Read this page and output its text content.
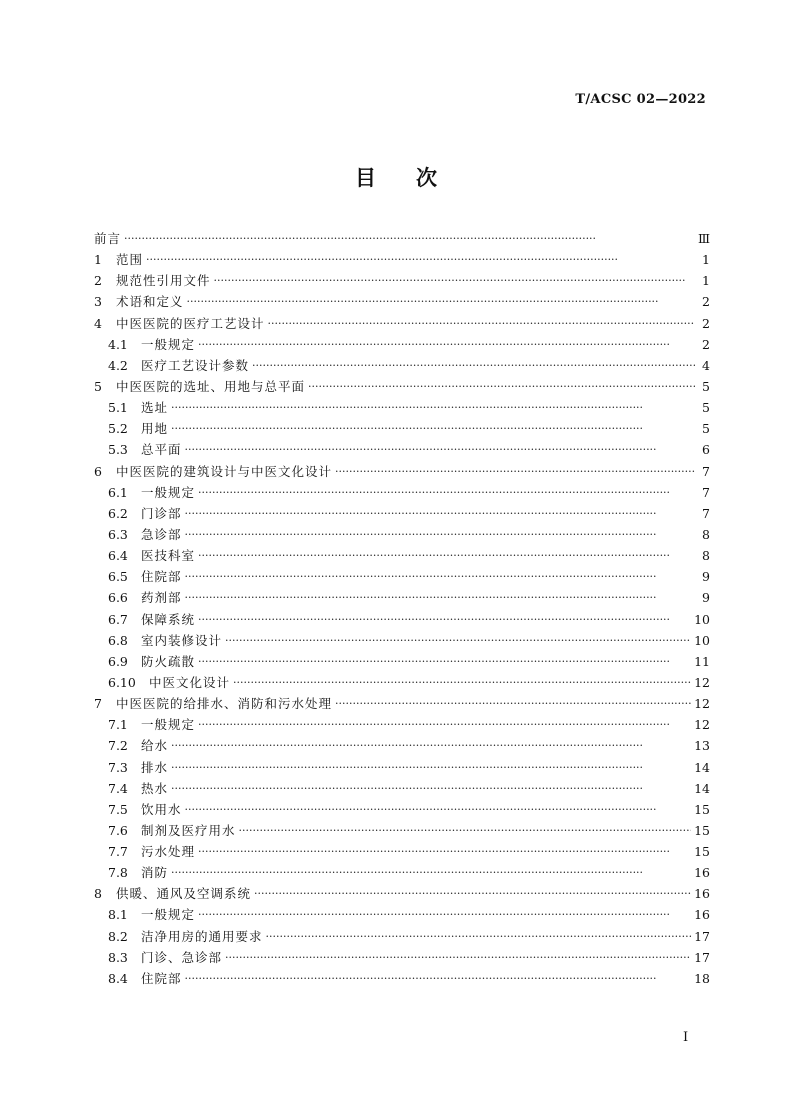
T/ACSC 02—2022
目 次
前言 ·····	Ⅲ
1	范围 ·····	1
2	规范性引用文件 ·····	1
3	术语和定义 ·····	2
4	中医医院的医疗工艺设计 ·····	2
4.1	一般规定 ·····	2
4.2	医疗工艺设计参数 ·····	4
5	中医医院的选址、用地与总平面 ·····	5
5.1	选址 ·····	5
5.2	用地 ·····	5
5.3	总平面 ·····	6
6	中医医院的建筑设计与中医文化设计 ·····	7
6.1	一般规定 ·····	7
6.2	门诊部 ·····	7
6.3	急诊部 ·····	8
6.4	医技科室 ·····	8
6.5	住院部 ·····	9
6.6	药剂部 ·····	9
6.7	保障系统 ·····	10
6.8	室内装修设计 ·····	10
6.9	防火疏散 ·····	11
6.10	中医文化设计 ·····	12
7	中医医院的给排水、消防和污水处理 ·····	12
7.1	一般规定 ·····	12
7.2	给水 ·····	13
7.3	排水 ·····	14
7.4	热水 ·····	14
7.5	饮用水 ·····	15
7.6	制剂及医疗用水 ·····	15
7.7	污水处理 ·····	15
7.8	消防 ·····	16
8	供暖、通风及空调系统 ·····	16
8.1	一般规定 ·····	16
8.2	洁净用房的通用要求 ·····	17
8.3	门诊、急诊部 ·····	17
8.4	住院部 ·····	18
I
